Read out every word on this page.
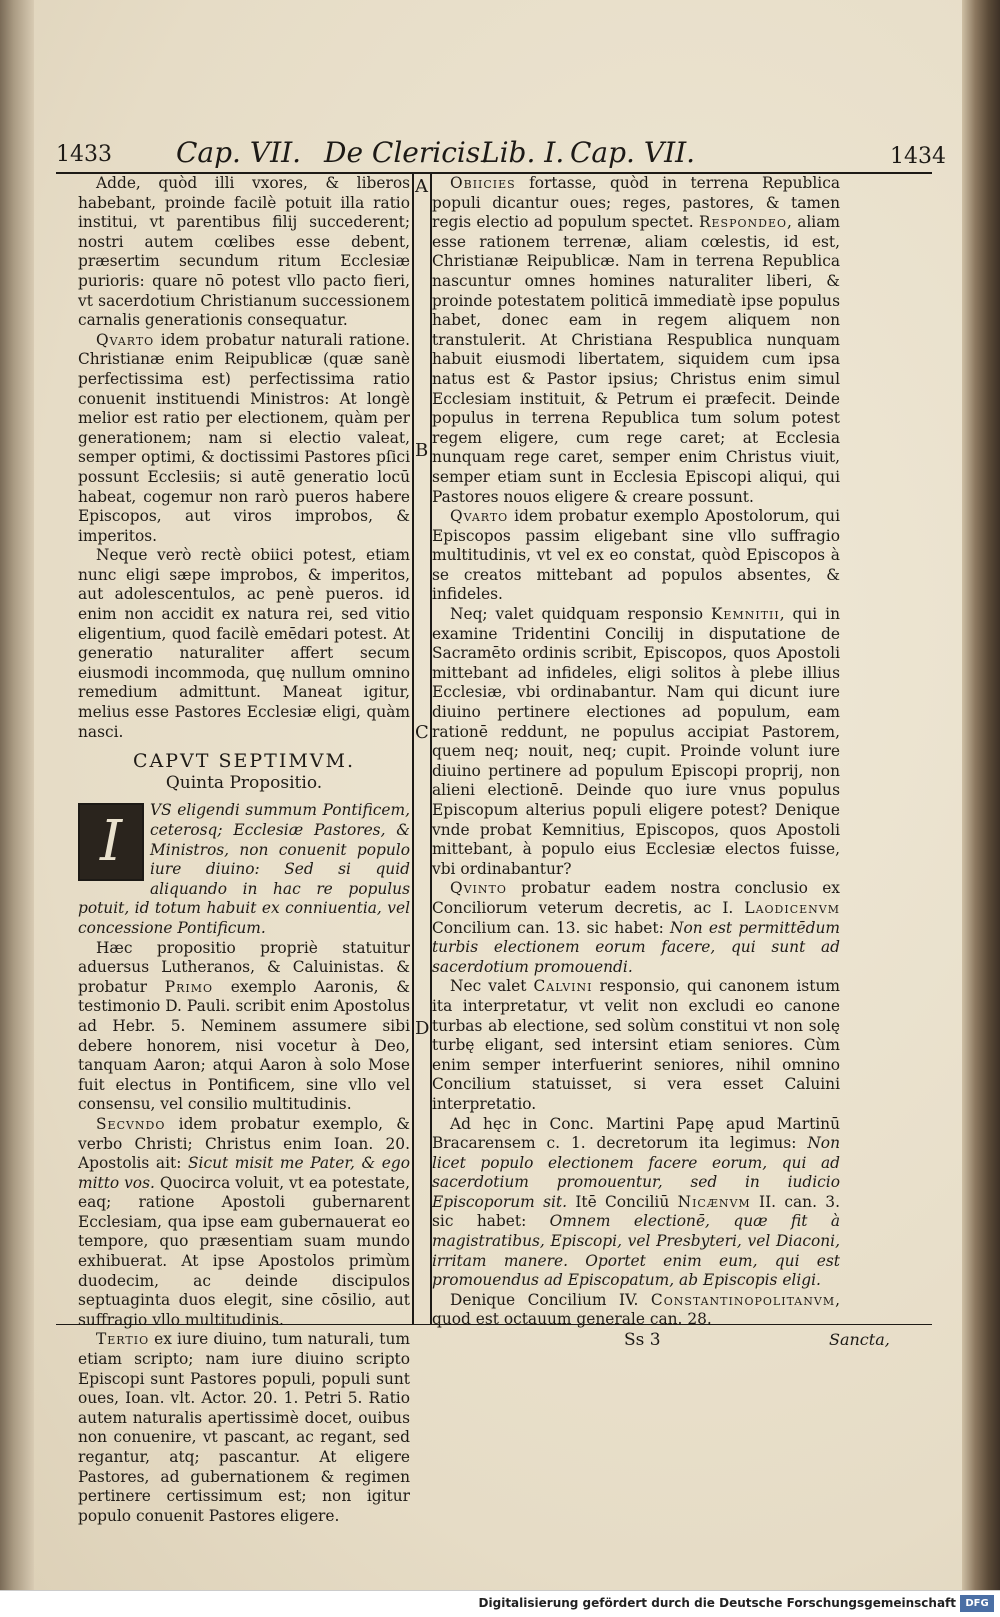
1433 Cap. VII. De Clericis.
Lib. I. Cap. VII.	1434
A
B
C
D

Adde, quòd illi vxores, & liberos habebant, proinde facilè potuit illa ratio institui, vt parentibus filij succederent; nostri autem cœlibes esse debent, præsertim secundum ritum Ecclesiæ purioris: quare nō potest vllo pacto fieri, vt sacerdotium Christianum successionem carnalis generationis consequatur.

Qvarto idem probatur naturali ratione. Christianæ enim Reipublicæ (quæ sanè perfectissima est) perfectissima ratio conuenit instituendi Ministros: At longè melior est ratio per electionem, quàm per generationem; nam si electio valeat, semper optimi, & doctissimi Pastores pſici possunt Ecclesiis; si autē generatio locū habeat, cogemur non rarò pueros habere Episcopos, aut viros improbos, & imperitos.

Neque verò rectè obiici potest, etiam nunc eligi sæpe improbos, & imperitos, aut adolescentulos, ac penè pueros. id enim non accidit ex natura rei, sed vitio eligentium, quod facilè emēdari potest. At generatio naturaliter affert secum eiusmodi incommoda, quę nullum omnino remedium admittunt. Maneat igitur, melius esse Pastores Ecclesiæ eligi, quàm nasci.

CAPVT SEPTIMVM.
Quinta Propositio.

I	VS eligendi summum Pontificem, ceterosq; Ecclesiæ Pastores, & Ministros, non conuenit populo iure diuino: Sed si quid aliquando in hac re populus potuit, id totum habuit ex conniuentia, vel concessione Pontificum.

Hæc propositio propriè statuitur aduersus Lutheranos, & Caluinistas. & probatur Primo exemplo Aaronis, & testimonio D. Pauli. scribit enim Apostolus ad Hebr. 5. Neminem assumere sibi debere honorem, nisi vocetur à Deo, tanquam Aaron; atqui Aaron à solo Mose fuit electus in Pontificem, sine vllo vel consensu, vel consilio multitudinis.

Secvndo idem probatur exemplo, & verbo Christi; Christus enim Ioan. 20. Apostolis ait: Sicut misit me Pater, & ego mitto vos. Quocirca voluit, vt ea potestate, eaq; ratione Apostoli gubernarent Ecclesiam, qua ipse eam gubernauerat eo tempore, quo præsentiam suam mundo exhibuerat. At ipse Apostolos primùm duodecim, ac deinde discipulos septuaginta duos elegit, sine cōsilio, aut suffragio vllo multitudinis.

Tertio ex iure diuino, tum naturali, tum etiam scripto; nam iure diuino scripto Episcopi sunt Pastores populi, populi sunt oues, Ioan. vlt. Actor. 20. 1. Petri 5. Ratio autem naturalis apertissimè docet, ouibus non conuenire, vt pascant, ac regant, sed regantur, atq; pascantur. At eligere Pastores, ad gubernationem & regimen pertinere certissimum est; non igitur populo conuenit Pastores eligere.

Obiicies fortasse, quòd in terrena Republica populi dicantur oues; reges, pastores, & tamen regis electio ad populum spectet. Respondeo, aliam esse rationem terrenæ, aliam cœlestis, id est, Christianæ Reipublicæ. Nam in terrena Republica nascuntur omnes homines naturaliter liberi, & proinde potestatem politicā immediatè ipse populus habet, donec eam in regem aliquem non transtulerit. At Christiana Respublica nunquam habuit eiusmodi libertatem, siquidem cum ipsa natus est & Pastor ipsius; Christus enim simul Ecclesiam instituit, & Petrum ei præfecit. Deinde populus in terrena Republica tum solum potest regem eligere, cum rege caret; at Ecclesia nunquam rege caret, semper enim Christus viuit, semper etiam sunt in Ecclesia Episcopi aliqui, qui Pastores nouos eligere & creare possunt.

Qvarto idem probatur exemplo Apostolorum, qui Episcopos passim eligebant sine vllo suffragio multitudinis, vt vel ex eo constat, quòd Episcopos à se creatos mittebant ad populos absentes, & infideles.

Neq; valet quidquam responsio Kemnitii, qui in examine Tridentini Concilij in disputatione de Sacramēto ordinis scribit, Episcopos, quos Apostoli mittebant ad infideles, eligi solitos à plebe illius Ecclesiæ, vbi ordinabantur. Nam qui dicunt iure diuino pertinere electiones ad populum, eam rationē reddunt, ne populus accipiat Pastorem, quem neq; nouit, neq; cupit. Proinde volunt iure diuino pertinere ad populum Episcopi proprij, non alieni electionē. Deinde quo iure vnus populus Episcopum alterius populi eligere potest? Denique vnde probat Kemnitius, Episcopos, quos Apostoli mittebant, à populo eius Ecclesiæ electos fuisse, vbi ordinabantur?

Qvinto probatur eadem nostra conclusio ex Conciliorum veterum decretis, ac I. Laodicenvm Concilium can. 13. sic habet: Non est permittēdum turbis electionem eorum facere, qui sunt ad sacerdotium promouendi.

Nec valet Calvini responsio, qui canonem istum ita interpretatur, vt velit non excludi eo canone turbas ab electione, sed solùm constitui vt non solę turbę eligant, sed intersint etiam seniores. Cùm enim semper interfuerint seniores, nihil omnino Concilium statuisset, si vera esset Caluini interpretatio.

Ad hęc in Conc. Martini Papę apud Martinū Bracarensem c. 1. decretorum ita legimus: Non licet populo electionem facere eorum, qui ad sacerdotium promouentur, sed in iudicio Episcoporum sit. Itē Conciliū Nicænvm II. can. 3. sic habet: Omnem electionē, quæ fit à magistratibus, Episcopi, vel Presbyteri, vel Diaconi, irritam manere. Oportet enim eum, qui est promouendus ad Episcopatum, ab Episcopis eligi.

Denique Concilium IV. Constantinopolitanvm, quod est octauum generale can. 28.

Ss 3	Sancta,
Digitalisierung gefördert durch die Deutsche Forschungsgemeinschaft DFG
